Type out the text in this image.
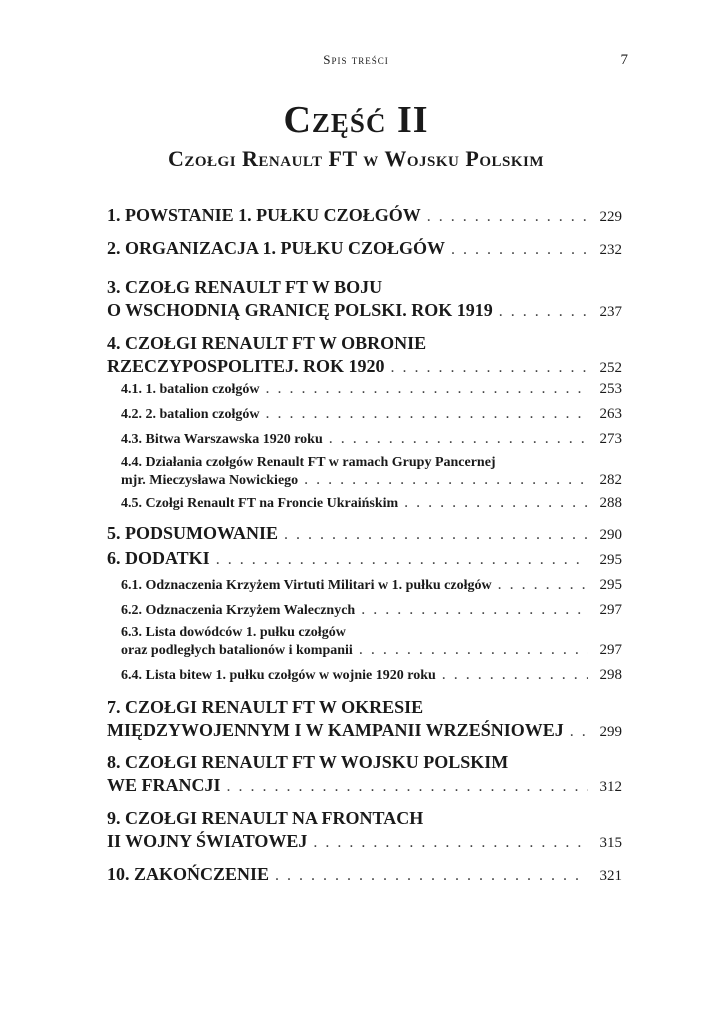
Spis treści	7
Część II
Czołgi Renault FT w Wojsku Polskim
1. POWSTANIE 1. PUŁKU CZOŁGÓW . . .	229
2. ORGANIZACJA 1. PUŁKU CZOŁGÓW . . .	232
3. CZOŁG RENAULT FT W BOJU
O WSCHODNIĄ GRANICĘ POLSKI. ROK 1919 . . .	237
4. CZOŁGI RENAULT FT W OBRONIE
RZECZYPOSPOLITEJ. ROK 1920 . . .	252
4.1. 1. batalion czołgów . . .	253
4.2. 2. batalion czołgów . . .	263
4.3. Bitwa Warszawska 1920 roku . . .	273
4.4. Działania czołgów Renault FT w ramach Grupy Pancernej
mjr. Mieczysława Nowickiego . . .	282
4.5. Czołgi Renault FT na Froncie Ukraińskim . . .	288
5. PODSUMOWANIE . . .	290
6. DODATKI . . .	295
6.1. Odznaczenia Krzyżem Virtuti Militari w 1. pułku czołgów . . .	295
6.2. Odznaczenia Krzyżem Walecznych . . .	297
6.3. Lista dowódców 1. pułku czołgów
oraz podległych batalionów i kompanii . . .	297
6.4. Lista bitew 1. pułku czołgów w wojnie 1920 roku . . .	298
7. CZOŁGI RENAULT FT W OKRESIE
MIĘDZYWOJENNYM I W KAMPANII WRZEŚNIOWEJ . . .	299
8. CZOŁGI RENAULT FT W WOJSKU POLSKIM
WE FRANCJI . . .	312
9. CZOŁGI RENAULT NA FRONTACH
II WOJNY ŚWIATOWEJ . . .	315
10. ZAKOŃCZENIE . . .	321
